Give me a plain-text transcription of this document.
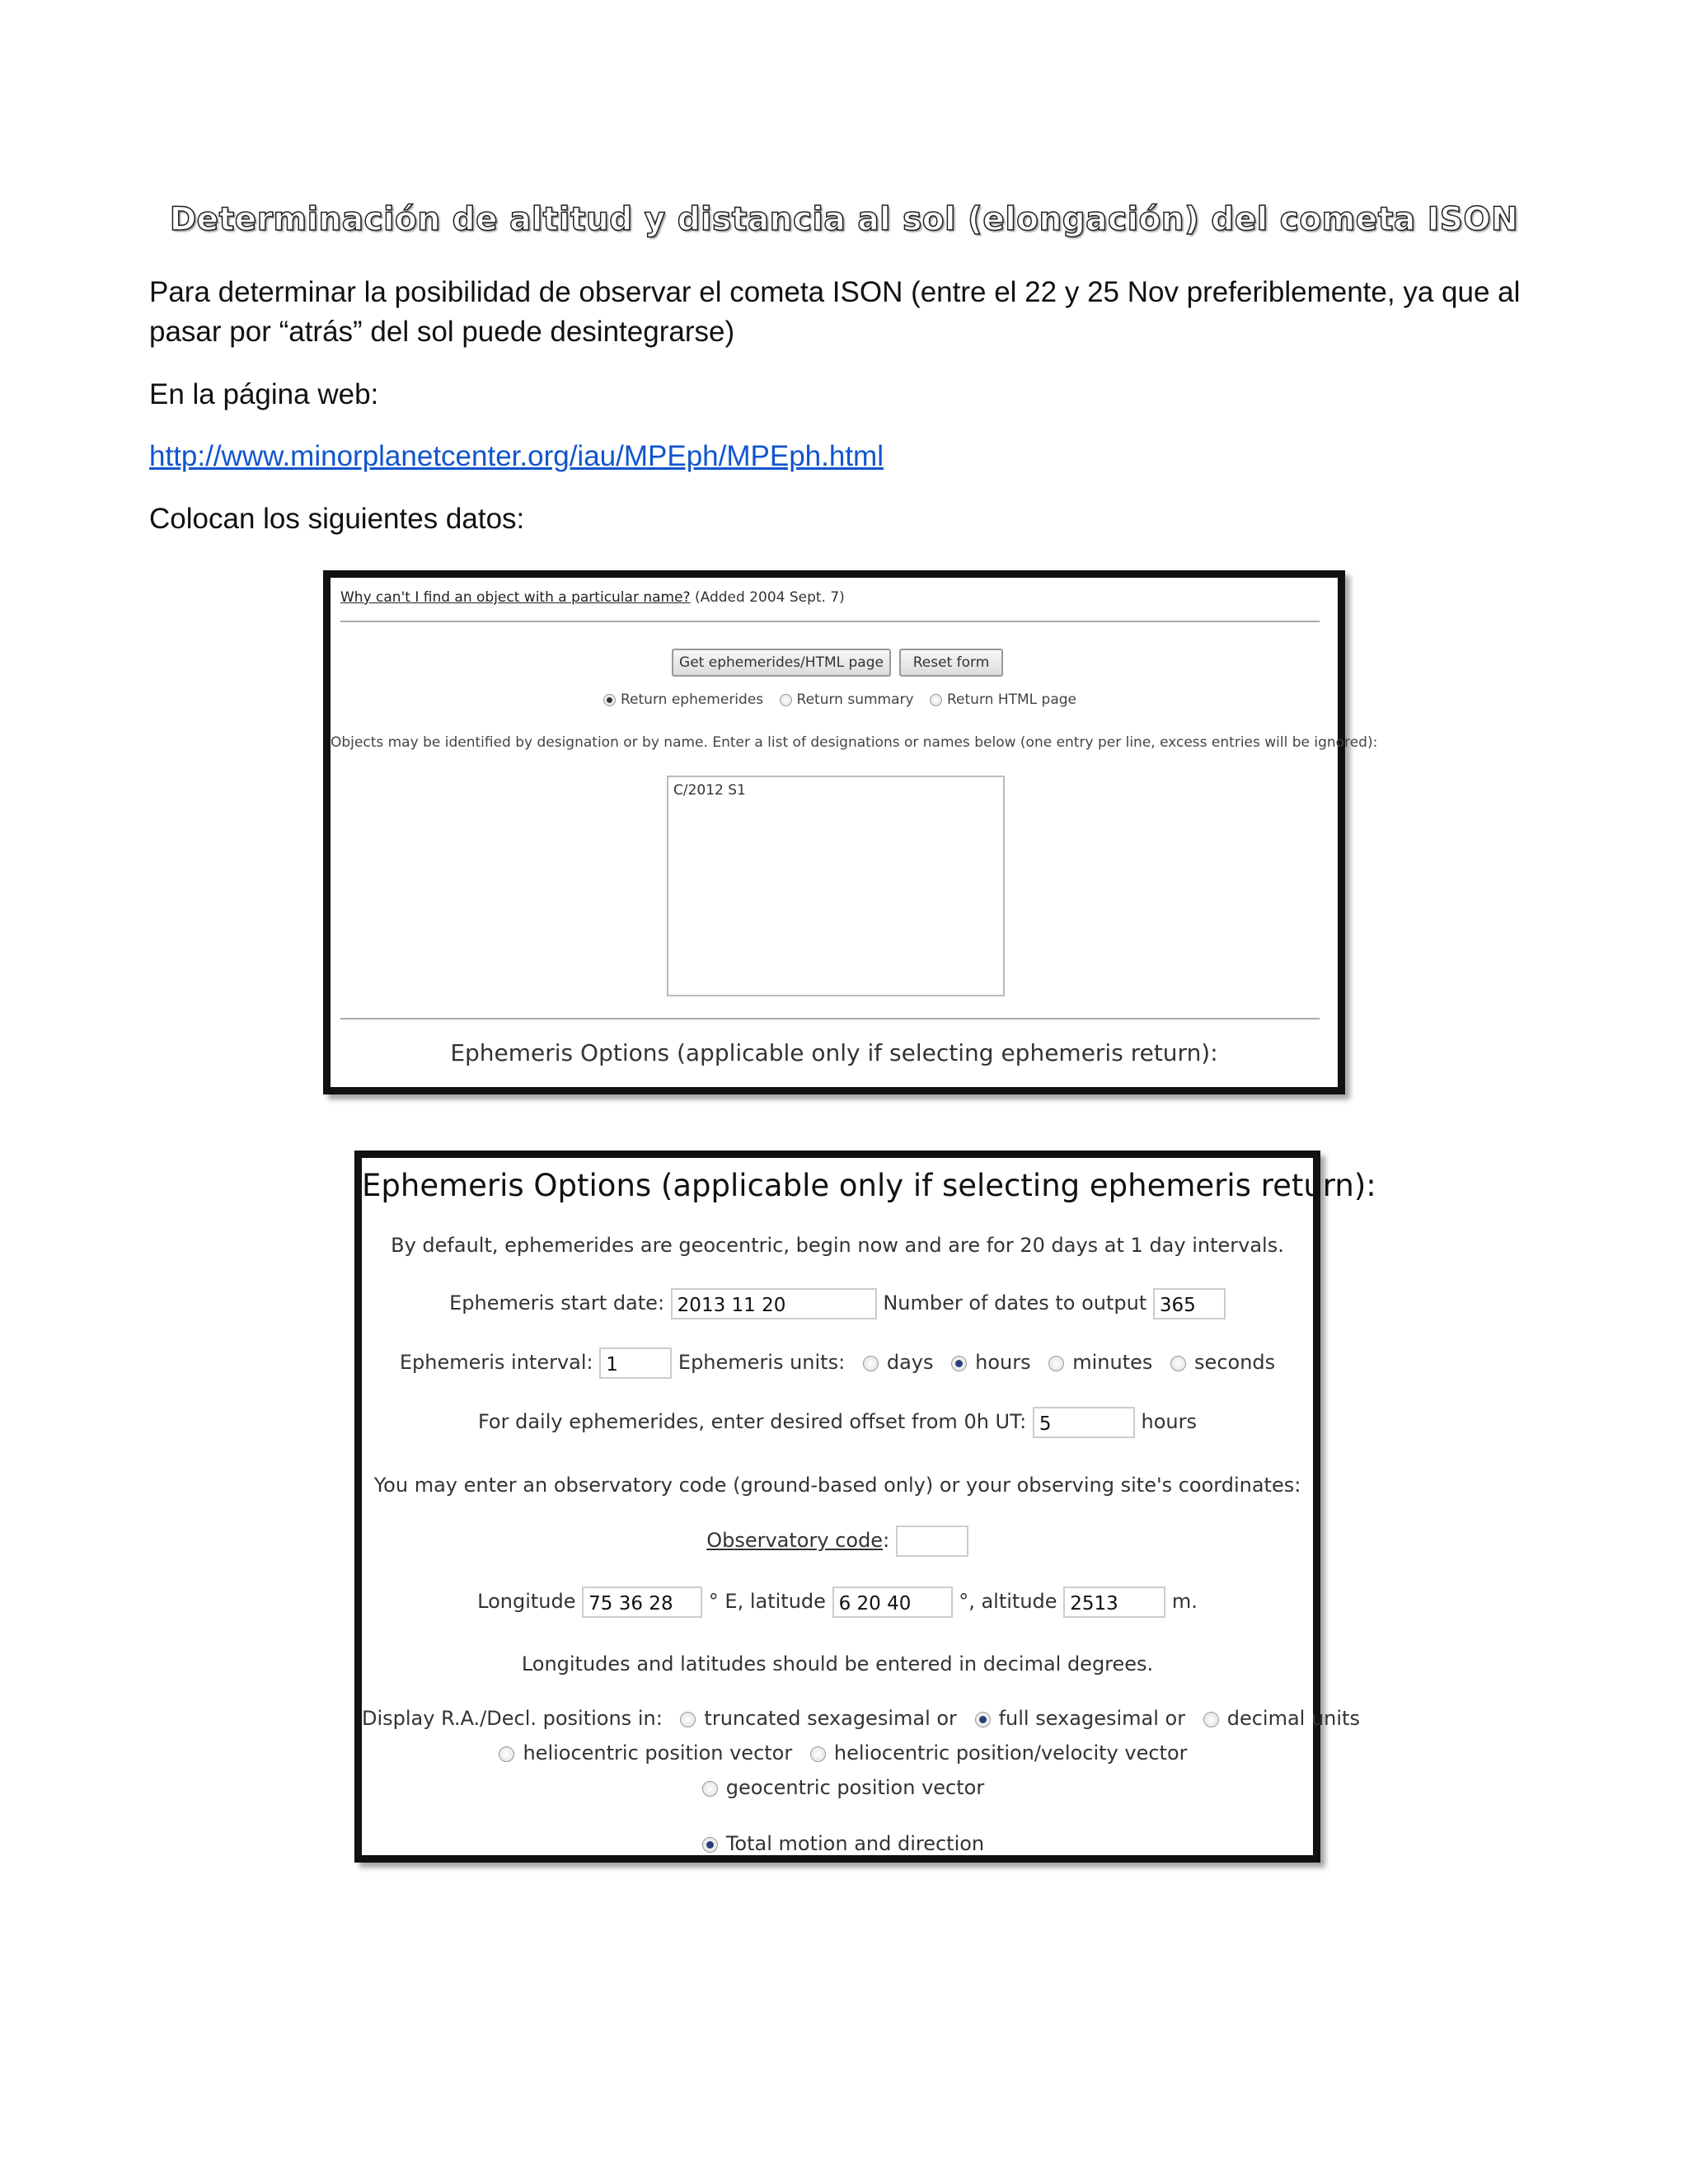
Determinación de altitud y distancia al sol (elongación) del cometa ISON
Para determinar la posibilidad de observar el cometa ISON (entre el 22 y 25 Nov preferiblemente, ya que al pasar por “atrás” del sol puede desintegrarse)
En la página web:
http://www.minorplanetcenter.org/iau/MPEph/MPEph.html
Colocan los siguientes datos:
Why can't I find an object with a particular name? (Added 2004 Sept. 7)
Get ephemerides/HTML page	Reset form
Return ephemerides Return summary Return HTML page
Objects may be identified by designation or by name. Enter a list of designations or names below (one entry per line, excess entries will be ignored):
C/2012 S1
Ephemeris Options (applicable only if selecting ephemeris return):
Ephemeris Options (applicable only if selecting ephemeris return):
By default, ephemerides are geocentric, begin now and are for 20 days at 1 day intervals.
Ephemeris start date: 2013 11 20	Number of dates to output 365
Ephemeris interval: 1	Ephemeris units: days hours minutes seconds
For daily ephemerides, enter desired offset from 0h UT: 5	hours
You may enter an observatory code (ground-based only) or your observing site's coordinates:
Observatory code:
Longitude 75 36 28 ° E, latitude 6 20 40 °, altitude 2513	m.
Longitudes and latitudes should be entered in decimal degrees.
Display R.A./Decl. positions in: truncated sexagesimal or full sexagesimal or decimal units
heliocentric position vector heliocentric position/velocity vector
geocentric position vector
Total motion and direction
